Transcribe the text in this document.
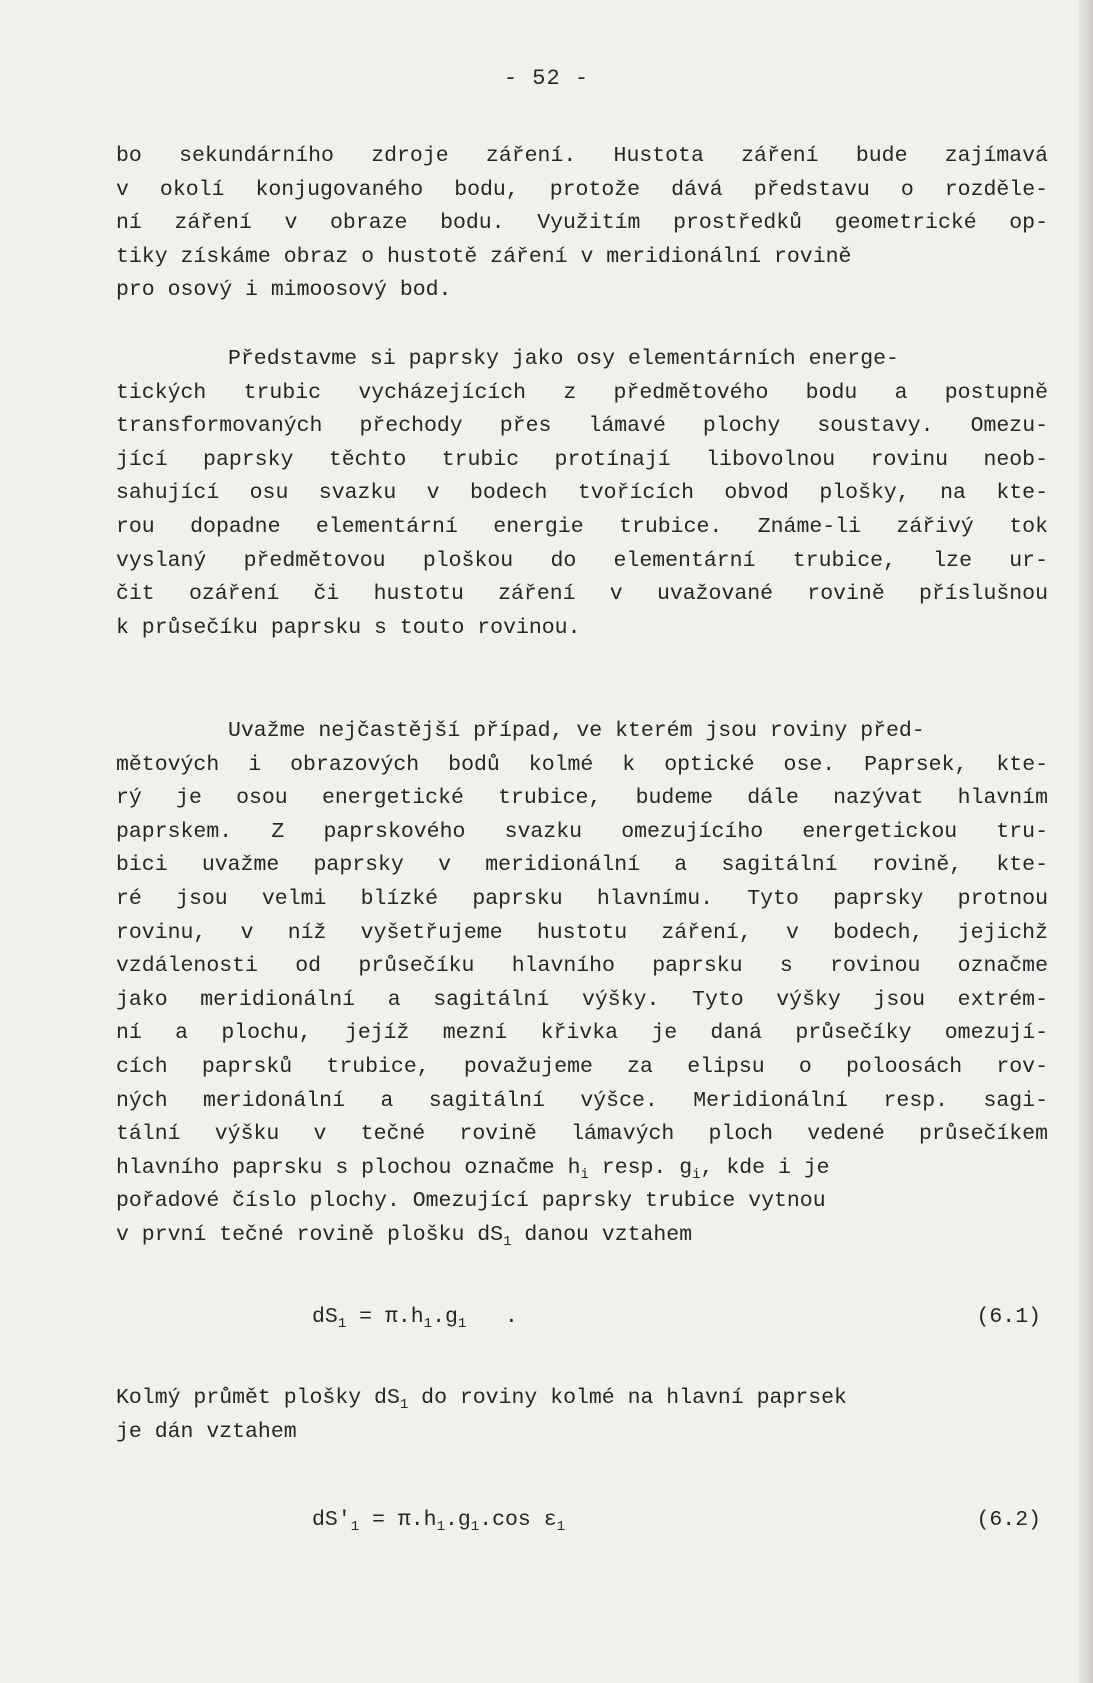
- 52 -
bo sekundárního zdroje záření. Hustota záření bude zajímavá
v okolí konjugovaného bodu, protože dává představu o rozděle-
ní záření v obraze bodu. Využitím prostředků geometrické op-
tiky získáme obraz o hustotě záření v meridionální rovině
pro osový i mimoosový bod.
Představme si paprsky jako osy elementárních energe-
tických trubic vycházejících z předmětového bodu a postupně
transformovaných přechody přes lámavé plochy soustavy. Omezu-
jící paprsky těchto trubic protínají libovolnou rovinu neob-
sahující osu svazku v bodech tvořících obvod plošky, na kte-
rou dopadne elementární energie trubice. Známe-li zářivý tok
vyslaný předmětovou ploškou do elementární trubice, lze ur-
čit ozáření či hustotu záření v uvažované rovině příslušnou
k průsečíku paprsku s touto rovinou.
Uvažme nejčastější případ, ve kterém jsou roviny před-
mětových i obrazových bodů kolmé k optické ose. Paprsek, kte-
rý je osou energetické trubice, budeme dále nazývat hlavním
paprskem. Z paprskového svazku omezujícího energetickou tru-
bici uvažme paprsky v meridionální a sagitální rovině, kte-
ré jsou velmi blízké paprsku hlavnímu. Tyto paprsky protnou
rovinu, v níž vyšetřujeme hustotu záření, v bodech, jejichž
vzdálenosti od průsečíku hlavního paprsku s rovinou označme
jako meridionální a sagitální výšky. Tyto výšky jsou extrém-
ní a plochu, jejíž mezní křivka je daná průsečíky omezují-
cích paprsků trubice, považujeme za elipsu o poloosách rov-
ných meridonální a sagitální výšce. Meridionální resp. sagi-
tální výšku v tečné rovině lámavých ploch vedené průsečíkem
hlavního paprsku s plochou označme $h_i$ resp. $g_i$, kde i je
pořadové číslo plochy. Omezující paprsky trubice vytnou
v první tečné rovině plošku $dS_1$ danou vztahem
$dS_1 = \pi.h_1.g_1$   .	(6.1)
Kolmý průmět plošky $dS_1$ do roviny kolmé na hlavní paprsek
je dán vztahem
$dS'_1 = \pi.h_1.g_1.\cos$ $\varepsilon_1$	(6.2)
